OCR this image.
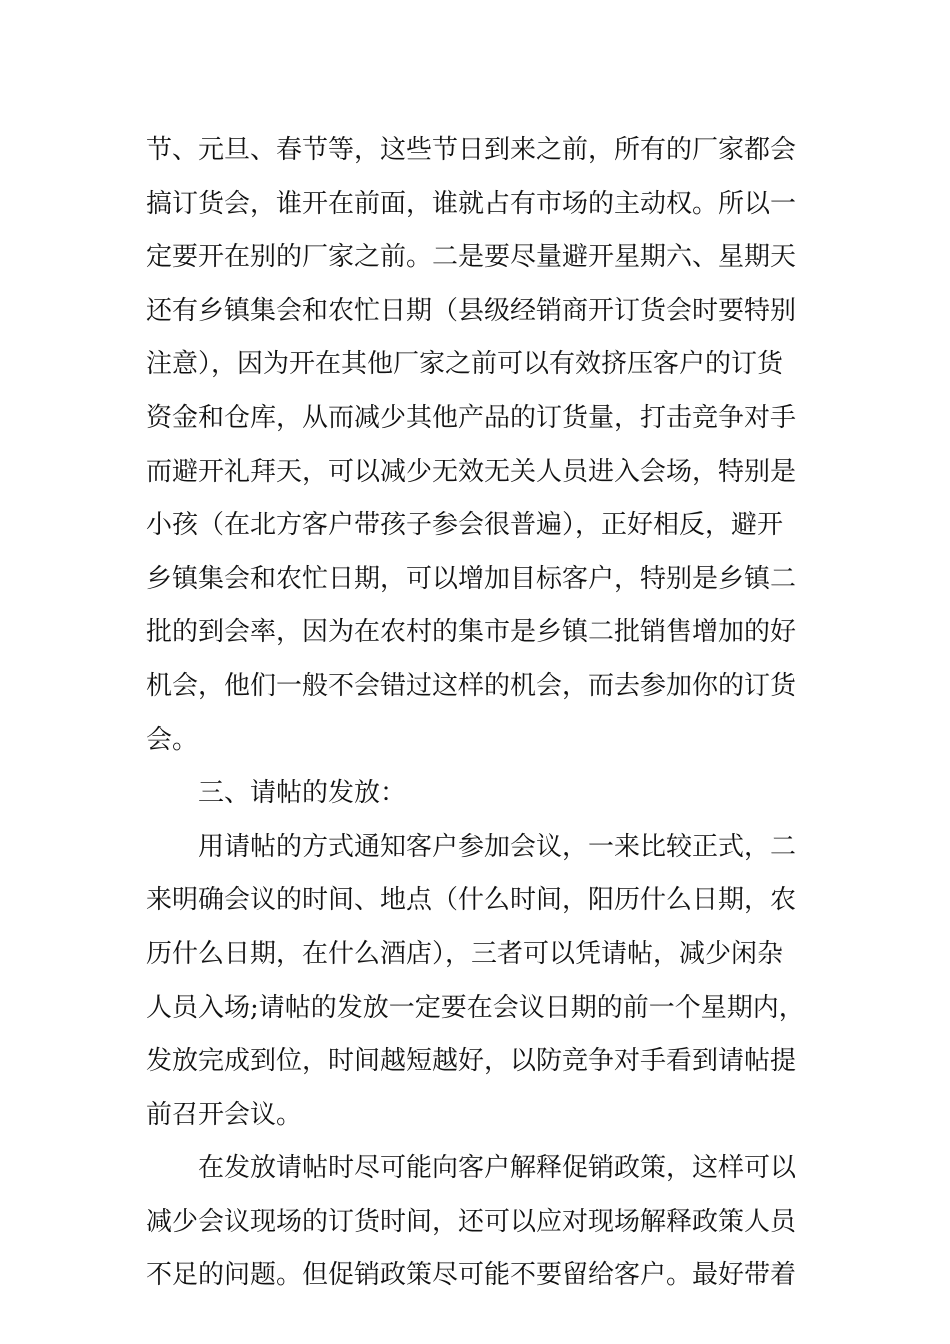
节、元旦、春节等，这些节日到来之前，所有的厂家都会
搞订货会，谁开在前面，谁就占有市场的主动权。所以一
定要开在别的厂家之前。二是要尽量避开星期六、星期天
还有乡镇集会和农忙日期（县级经销商开订货会时要特别
注意），因为开在其他厂家之前可以有效挤压客户的订货
资金和仓库，从而减少其他产品的订货量，打击竞争对手
而避开礼拜天，可以减少无效无关人员进入会场，特别是
小孩（在北方客户带孩子参会很普遍），正好相反，避开
乡镇集会和农忙日期，可以增加目标客户，特别是乡镇二
批的到会率，因为在农村的集市是乡镇二批销售增加的好
机会，他们一般不会错过这样的机会，而去参加你的订货
会。
三、请帖的发放：
用请帖的方式通知客户参加会议，一来比较正式，二
来明确会议的时间、地点（什么时间，阳历什么日期，农
历什么日期，在什么酒店），三者可以凭请帖，减少闲杂
人员入场;请帖的发放一定要在会议日期的前一个星期内，
发放完成到位，时间越短越好，以防竞争对手看到请帖提
前召开会议。
在发放请帖时尽可能向客户解释促销政策，这样可以
减少会议现场的订货时间，还可以应对现场解释政策人员
不足的问题。但促销政策尽可能不要留给客户。最好带着
